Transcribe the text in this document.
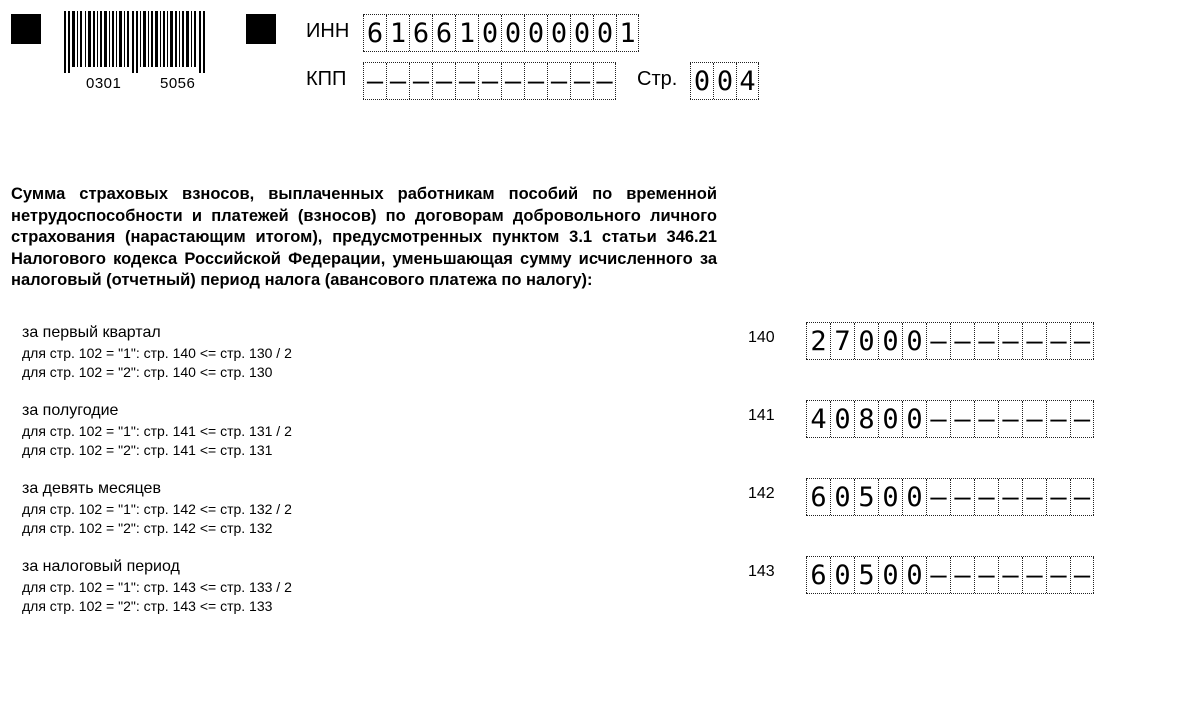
0301	5056
ИНН 6 1 6 6 1 0 0 0 0 0 0 1
КПП – – – – – – – – – – – Стр. 0 0 4
Сумма страховых взносов, выплаченных работникам пособий по временной нетрудоспособности и платежей (взносов) по договорам добровольного личного страхования (нарастающим итогом), предусмотренных пунктом 3.1 статьи 346.21 Налогового кодекса Российской Федерации, уменьшающая сумму исчисленного за налоговый (отчетный) период налога (авансового платежа по налогу):
за первый квартал
для стр. 102 = "1": стр. 140 <= стр. 130 / 2
для стр. 102 = "2": стр. 140 <= стр. 130
140 2 7 0 0 0 – – – – – – –
за полугодие
для стр. 102 = "1": стр. 141 <= стр. 131 / 2
для стр. 102 = "2": стр. 141 <= стр. 131
141 4 0 8 0 0 – – – – – – –
за девять месяцев
для стр. 102 = "1": стр. 142 <= стр. 132 / 2
для стр. 102 = "2": стр. 142 <= стр. 132
142 6 0 5 0 0 – – – – – – –
за налоговый период
для стр. 102 = "1": стр. 143 <= стр. 133 / 2
для стр. 102 = "2": стр. 143 <= стр. 133
143 6 0 5 0 0 – – – – – – –
